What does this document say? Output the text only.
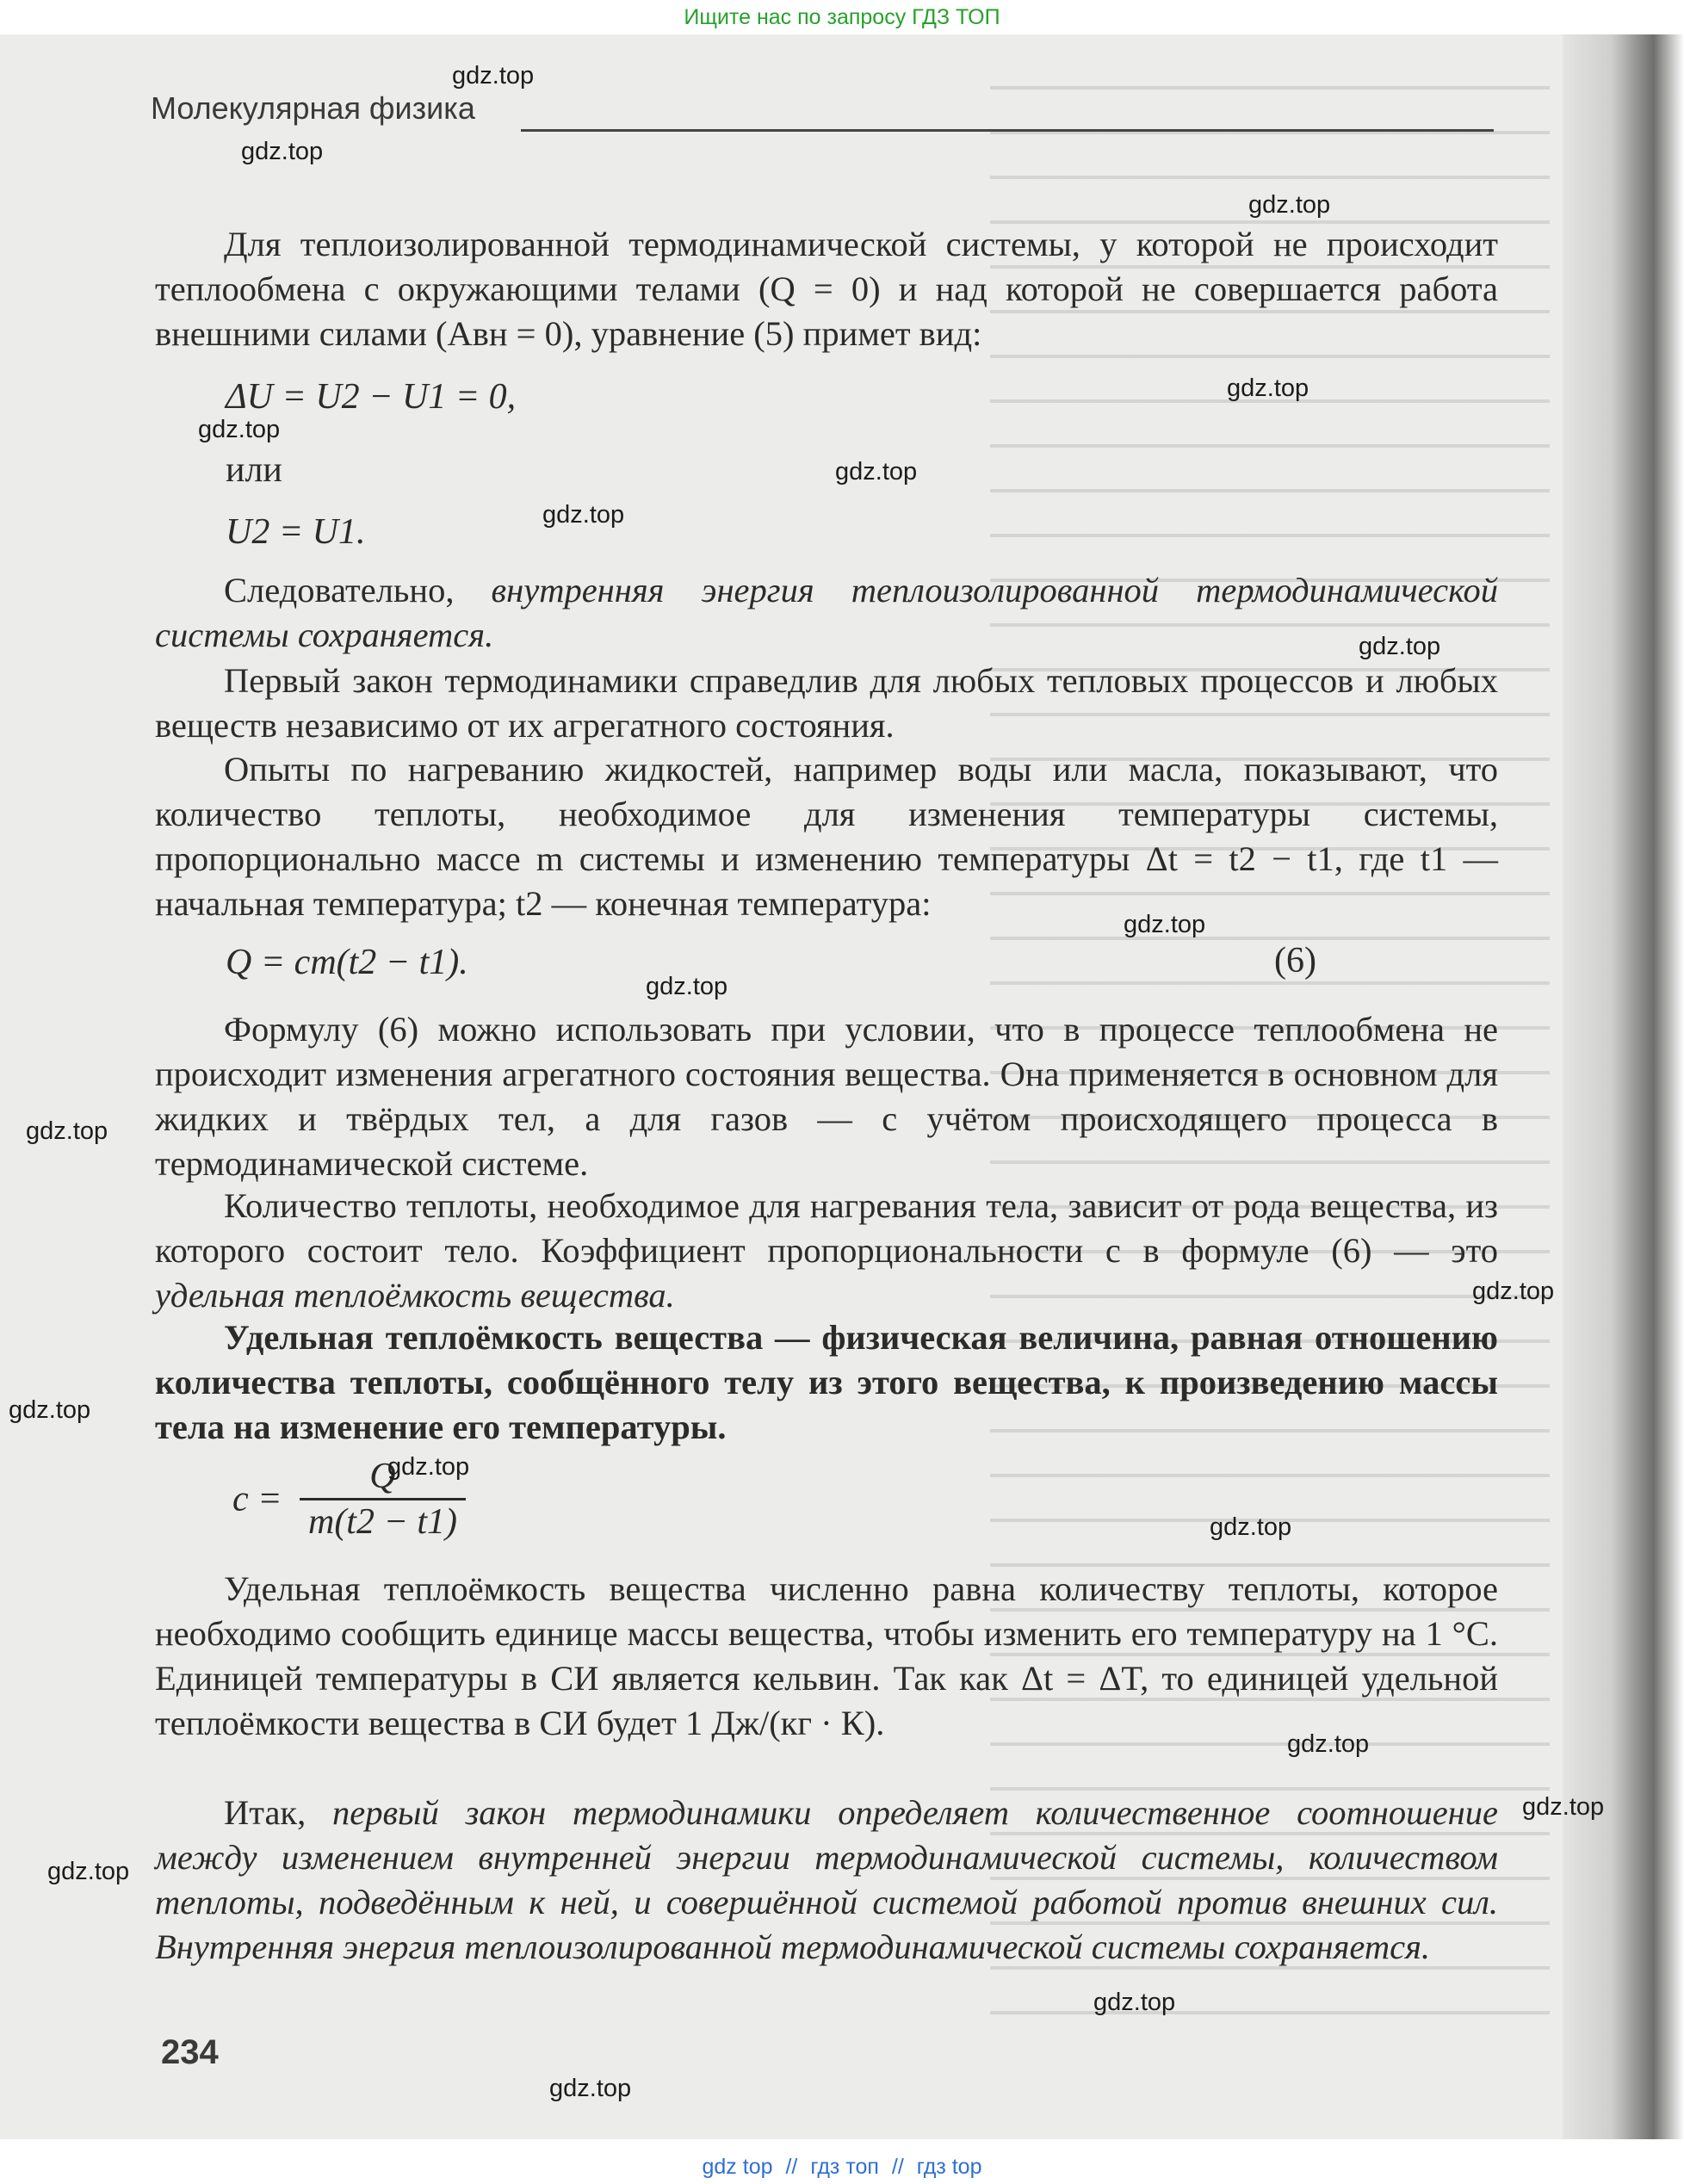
Ищите нас по запросу ГДЗ ТОП
Молекулярная физика

Для теплоизолированной термодинамической системы, у которой не происходит теплообмена с окружающими телами (Q = 0) и над которой не совершается работа внешними силами (Aвн = 0), уравнение (5) примет вид:

ΔU = U2 − U1 = 0,
или
U2 = U1.

Следовательно, внутренняя энергия теплоизолированной термодинамической системы сохраняется.

Первый закон термодинамики справедлив для любых тепловых процессов и любых веществ независимо от их агрегатного состояния.

Опыты по нагреванию жидкостей, например воды или масла, показывают, что количество теплоты, необходимое для изменения температуры системы, пропорционально массе m системы и изменению температуры Δt = t2 − t1, где t1 — начальная температура; t2 — конечная температура:

Q = cm(t2 − t1).	(6)

Формулу (6) можно использовать при условии, что в процессе теплообмена не происходит изменения агрегатного состояния вещества. Она применяется в основном для жидких и твёрдых тел, а для газов — с учётом происходящего процесса в термодинамической системе.

Количество теплоты, необходимое для нагревания тела, зависит от рода вещества, из которого состоит тело. Коэффициент пропорциональности c в формуле (6) — это удельная теплоёмкость вещества.

Удельная теплоёмкость вещества — физическая величина, равная отношению количества теплоты, сообщённого телу из этого вещества, к произведению массы тела на изменение его температуры.

$c = \frac{Q}{m(t2 - t1)}$

Удельная теплоёмкость вещества численно равна количеству теплоты, которое необходимо сообщить единице массы вещества, чтобы изменить его температуру на 1 °С. Единицей температуры в СИ является кельвин. Так как Δt = ΔT, то единицей удельной теплоёмкости вещества в СИ будет 1 Дж/(кг · К).

Итак, первый закон термодинамики определяет количественное соотношение между изменением внутренней энергии термодинамической системы, количеством теплоты, подведённым к ней, и совершённой системой работой против внешних сил. Внутренняя энергия теплоизолированной термодинамической системы сохраняется.

234
gdz.top
gdz.top
gdz.top
gdz.top
gdz.top
gdz.top
gdz.top
gdz.top
gdz.top
gdz.top
gdz.top
gdz.top
gdz.top
gdz.top
gdz.top
gdz.top
gdz.top
gdz.top
gdz.top
gdz.top
gdz top // гдз топ // гдз top
